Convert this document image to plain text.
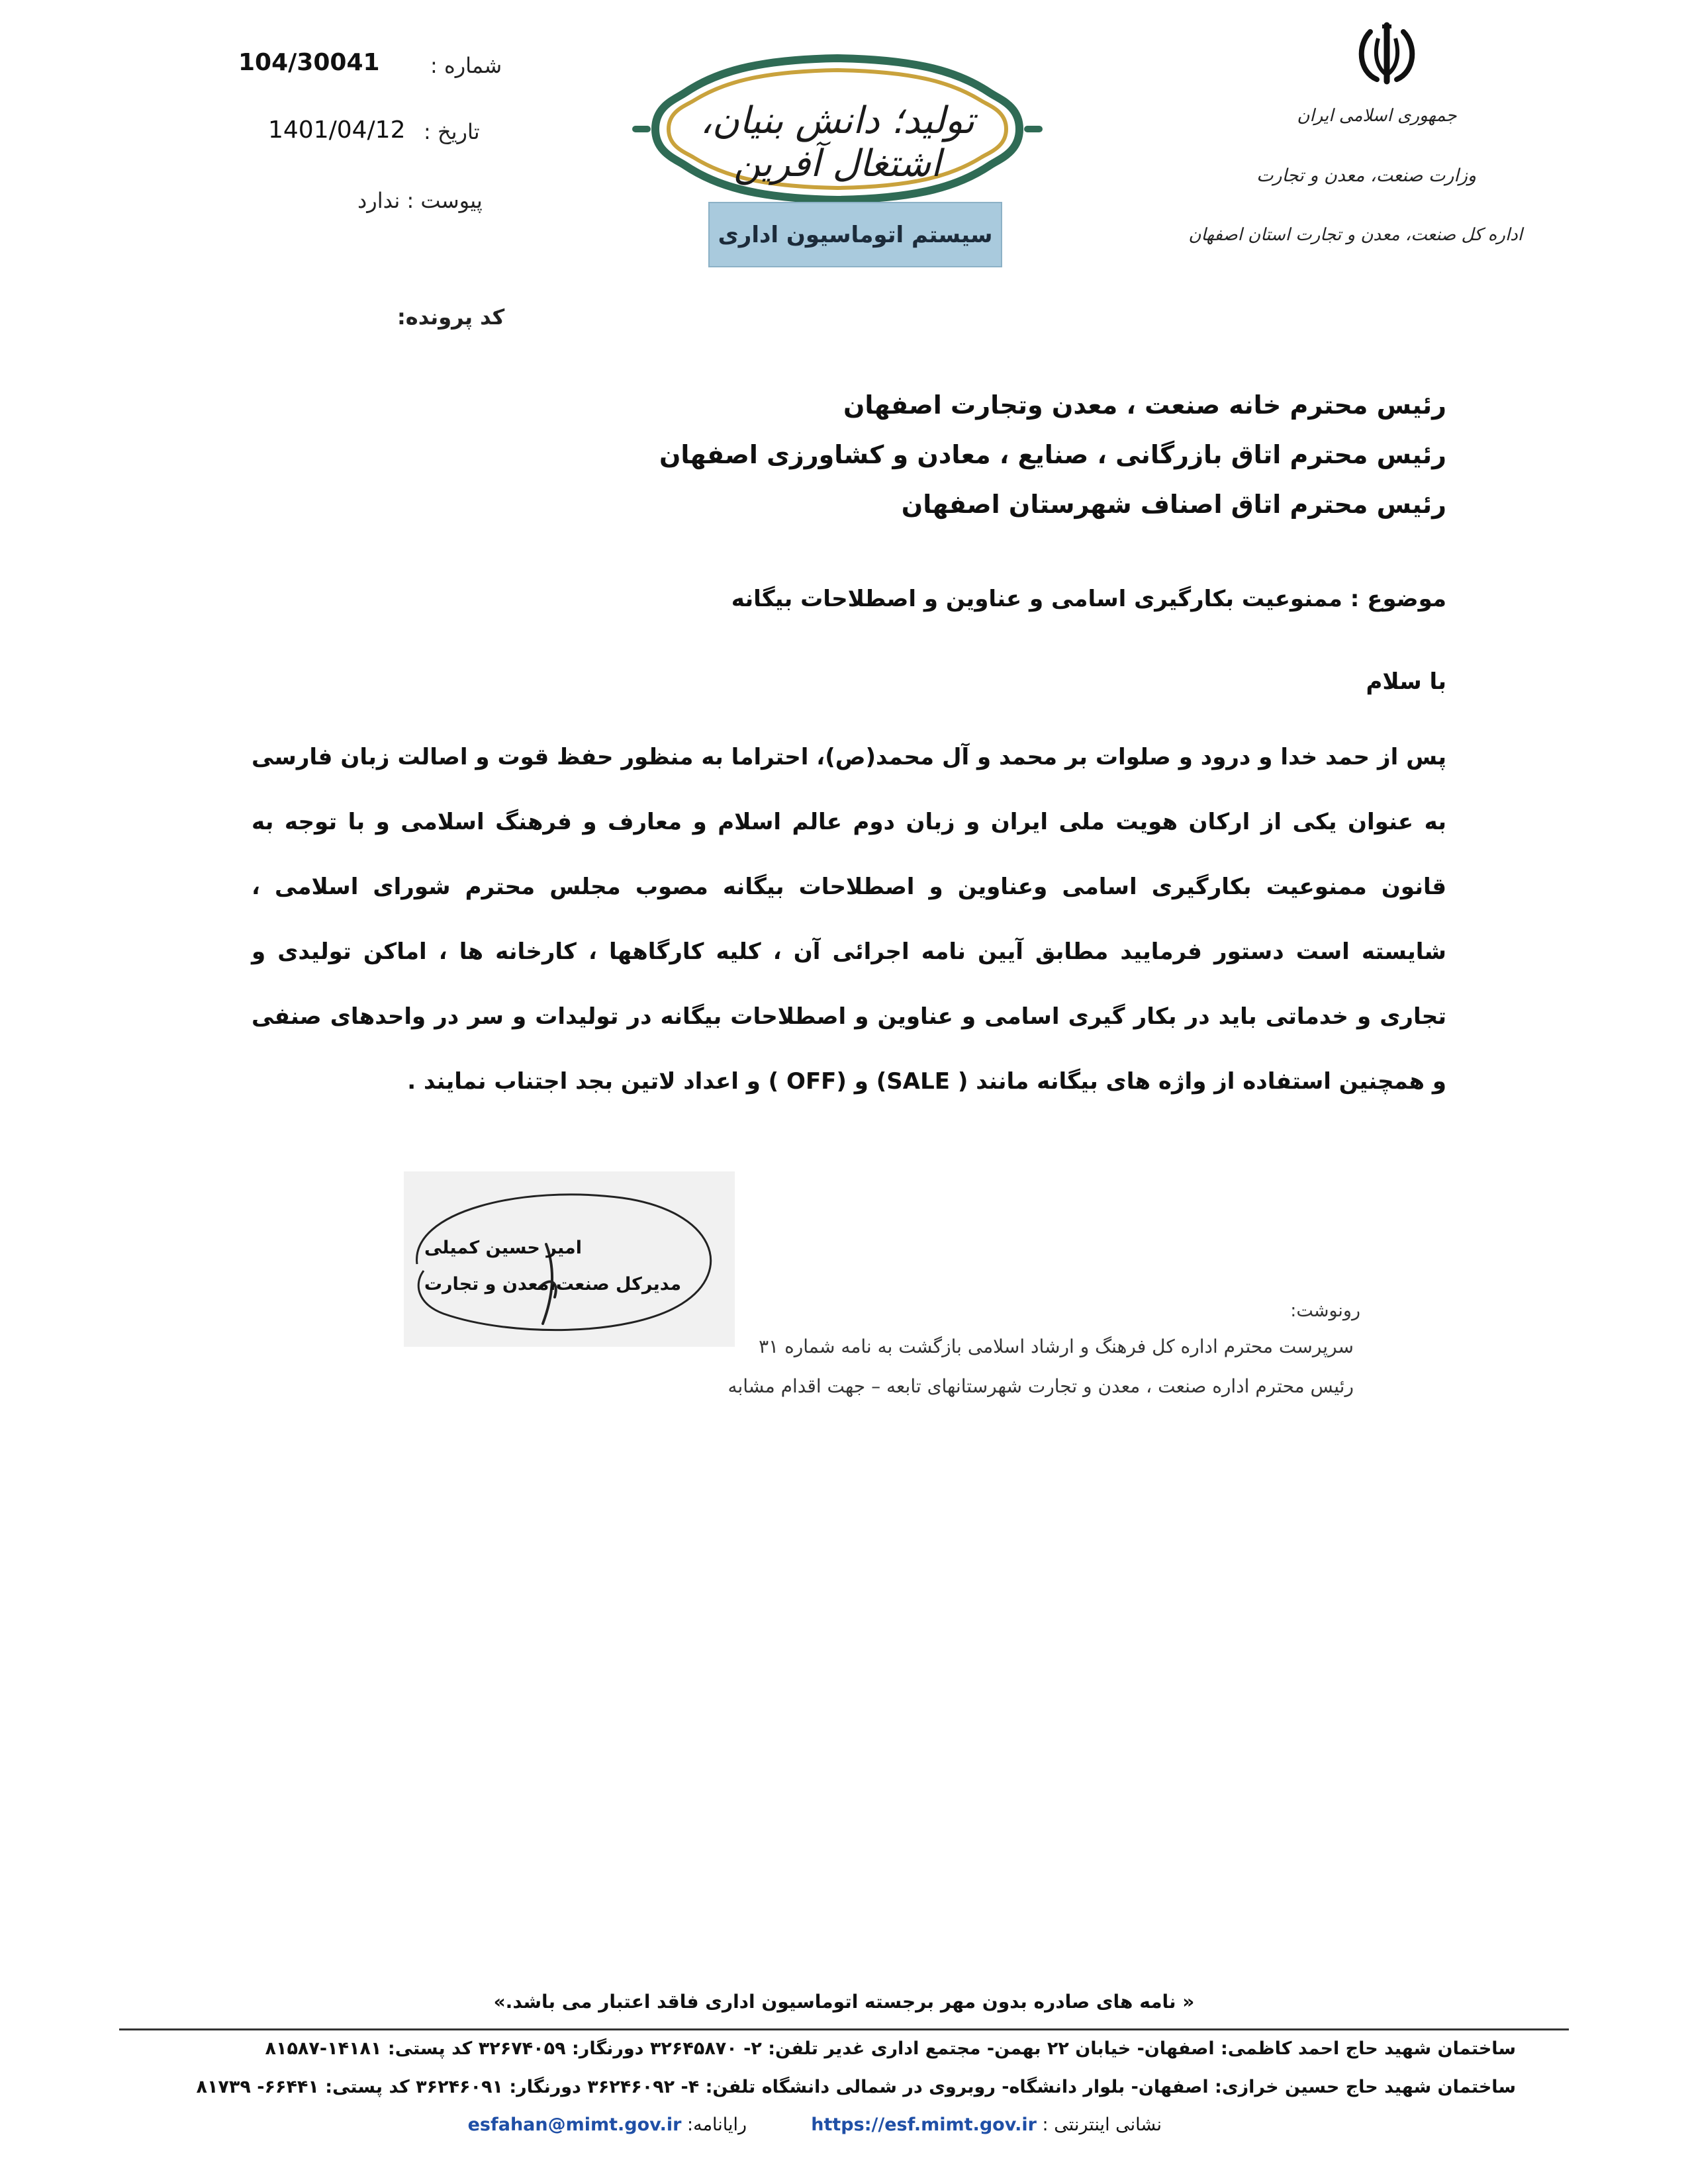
جمهوری اسلامی ایران
وزارت صنعت، معدن و تجارت
اداره کل صنعت، معدن و تجارت استان اصفهان
تولید؛ دانش بنیان، اشتغال آفرین
سیستم اتوماسیون اداری
شماره :
104/30041
تاریخ :
1401/04/12
پیوست : ندارد
کد پرونده:
رئیس محترم خانه صنعت ، معدن وتجارت اصفهان
رئیس محترم اتاق بازرگانی ، صنایع ، معادن و کشاورزی اصفهان
رئیس محترم اتاق اصناف شهرستان اصفهان
موضوع : ممنوعیت بکارگیری اسامی و عناوین و اصطلاحات بیگانه
با سلام
پس از حمد خدا و درود و صلوات بر محمد و آل محمد(ص)، احتراما به منظور حفظ قوت و اصالت زبان فارسی به عنوان یکی از ارکان هویت ملی ایران و زبان دوم عالم اسلام و معارف و فرهنگ اسلامی و با توجه به قانون ممنوعیت بکارگیری اسامی وعناوین و اصطلاحات بیگانه مصوب مجلس محترم شورای اسلامی ، شایسته است دستور فرمایید مطابق آیین نامه اجرائی آن ، کلیه کارگاهها ، کارخانه ها ، اماکن تولیدی و تجاری و خدماتی باید در بکار گیری اسامی و عناوین و اصطلاحات بیگانه در تولیدات و سر در واحدهای صنفی و همچنین استفاده از واژه های بیگانه مانند ( SALE) و (OFF ) و اعداد لاتین بجد اجتناب نمایند .
امیر حسین کمیلی
مدیرکل صنعت،معدن و تجارت
رونوشت:
سرپرست محترم اداره کل فرهنگ و ارشاد اسلامی بازگشت به نامه شماره ۳۱
رئیس محترم اداره صنعت ، معدن و تجارت شهرستانهای تابعه – جهت اقدام مشابه
« نامه های صادره بدون مهر برجسته اتوماسیون اداری فاقد اعتبار می باشد.»
ساختمان شهید حاج احمد کاظمی: اصفهان- خیابان ۲۲ بهمن- مجتمع اداری غدیر تلفن: ۲- ۳۲۶۴۵۸۷۰ دورنگار: ۳۲۶۷۴۰۵۹ کد پستی: ۱۴۱۸۱-۸۱۵۸۷
ساختمان شهید حاج حسین خرازی: اصفهان- بلوار دانشگاه- روبروی در شمالی دانشگاه تلفن: ۴- ۳۶۲۴۶۰۹۲ دورنگار: ۳۶۲۴۶۰۹۱ کد پستی: ۶۶۴۴۱- ۸۱۷۳۹
نشانی اینترنتی : https://esf.mimt.gov.ir  رایانامه: esfahan@mimt.gov.ir
